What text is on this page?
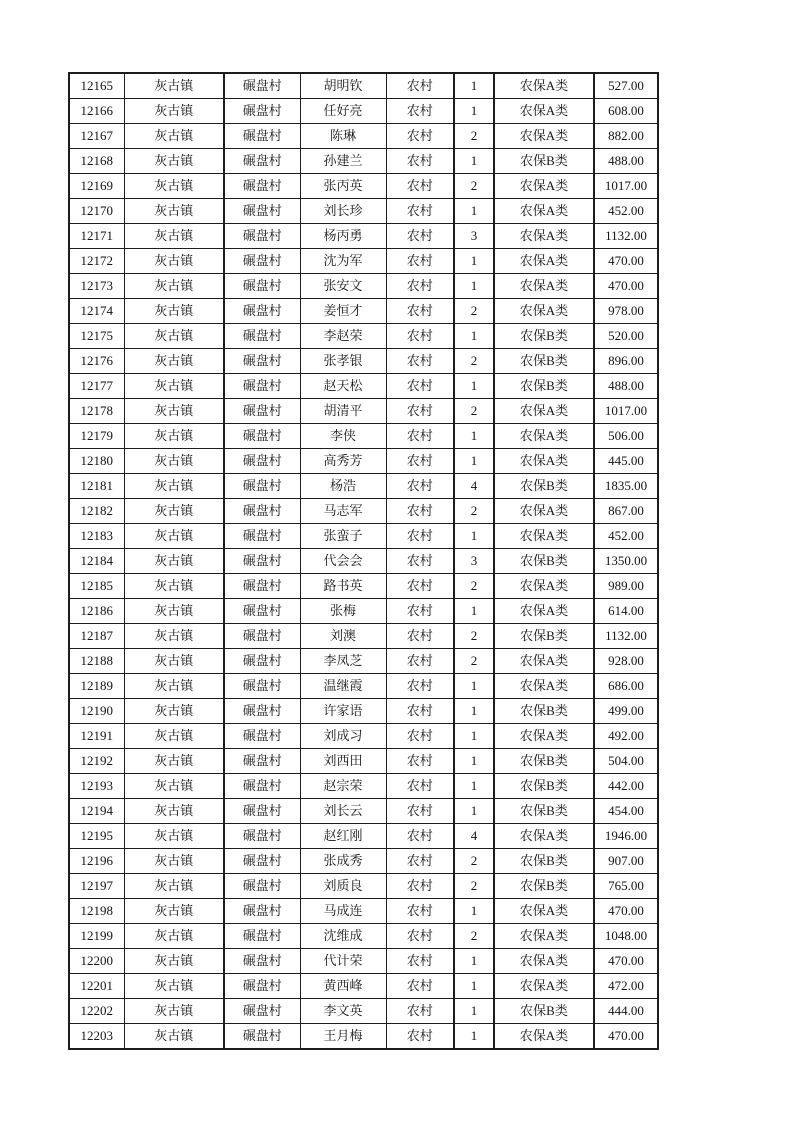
12165	灰古镇	碾盘村	胡明钦	农村	1	农保A类	527.00
12166	灰古镇	碾盘村	任好亮	农村	1	农保A类	608.00
12167	灰古镇	碾盘村	陈琳	农村	2	农保A类	882.00
12168	灰古镇	碾盘村	孙建兰	农村	1	农保B类	488.00
12169	灰古镇	碾盘村	张丙英	农村	2	农保A类	1017.00
12170	灰古镇	碾盘村	刘长珍	农村	1	农保A类	452.00
12171	灰古镇	碾盘村	杨丙勇	农村	3	农保A类	1132.00
12172	灰古镇	碾盘村	沈为军	农村	1	农保A类	470.00
12173	灰古镇	碾盘村	张安文	农村	1	农保A类	470.00
12174	灰古镇	碾盘村	姜恒才	农村	2	农保A类	978.00
12175	灰古镇	碾盘村	李赵荣	农村	1	农保B类	520.00
12176	灰古镇	碾盘村	张孝银	农村	2	农保B类	896.00
12177	灰古镇	碾盘村	赵天松	农村	1	农保B类	488.00
12178	灰古镇	碾盘村	胡清平	农村	2	农保A类	1017.00
12179	灰古镇	碾盘村	李侠	农村	1	农保A类	506.00
12180	灰古镇	碾盘村	高秀芳	农村	1	农保A类	445.00
12181	灰古镇	碾盘村	杨浩	农村	4	农保B类	1835.00
12182	灰古镇	碾盘村	马志军	农村	2	农保A类	867.00
12183	灰古镇	碾盘村	张蛮子	农村	1	农保A类	452.00
12184	灰古镇	碾盘村	代会会	农村	3	农保B类	1350.00
12185	灰古镇	碾盘村	路书英	农村	2	农保A类	989.00
12186	灰古镇	碾盘村	张梅	农村	1	农保A类	614.00
12187	灰古镇	碾盘村	刘澳	农村	2	农保B类	1132.00
12188	灰古镇	碾盘村	李凤芝	农村	2	农保A类	928.00
12189	灰古镇	碾盘村	温继霞	农村	1	农保A类	686.00
12190	灰古镇	碾盘村	许家语	农村	1	农保B类	499.00
12191	灰古镇	碾盘村	刘成习	农村	1	农保A类	492.00
12192	灰古镇	碾盘村	刘西田	农村	1	农保B类	504.00
12193	灰古镇	碾盘村	赵宗荣	农村	1	农保B类	442.00
12194	灰古镇	碾盘村	刘长云	农村	1	农保B类	454.00
12195	灰古镇	碾盘村	赵红刚	农村	4	农保A类	1946.00
12196	灰古镇	碾盘村	张成秀	农村	2	农保B类	907.00
12197	灰古镇	碾盘村	刘质良	农村	2	农保B类	765.00
12198	灰古镇	碾盘村	马成连	农村	1	农保A类	470.00
12199	灰古镇	碾盘村	沈维成	农村	2	农保A类	1048.00
12200	灰古镇	碾盘村	代计荣	农村	1	农保A类	470.00
12201	灰古镇	碾盘村	黄西峰	农村	1	农保A类	472.00
12202	灰古镇	碾盘村	李文英	农村	1	农保B类	444.00
12203	灰古镇	碾盘村	王月梅	农村	1	农保A类	470.00
